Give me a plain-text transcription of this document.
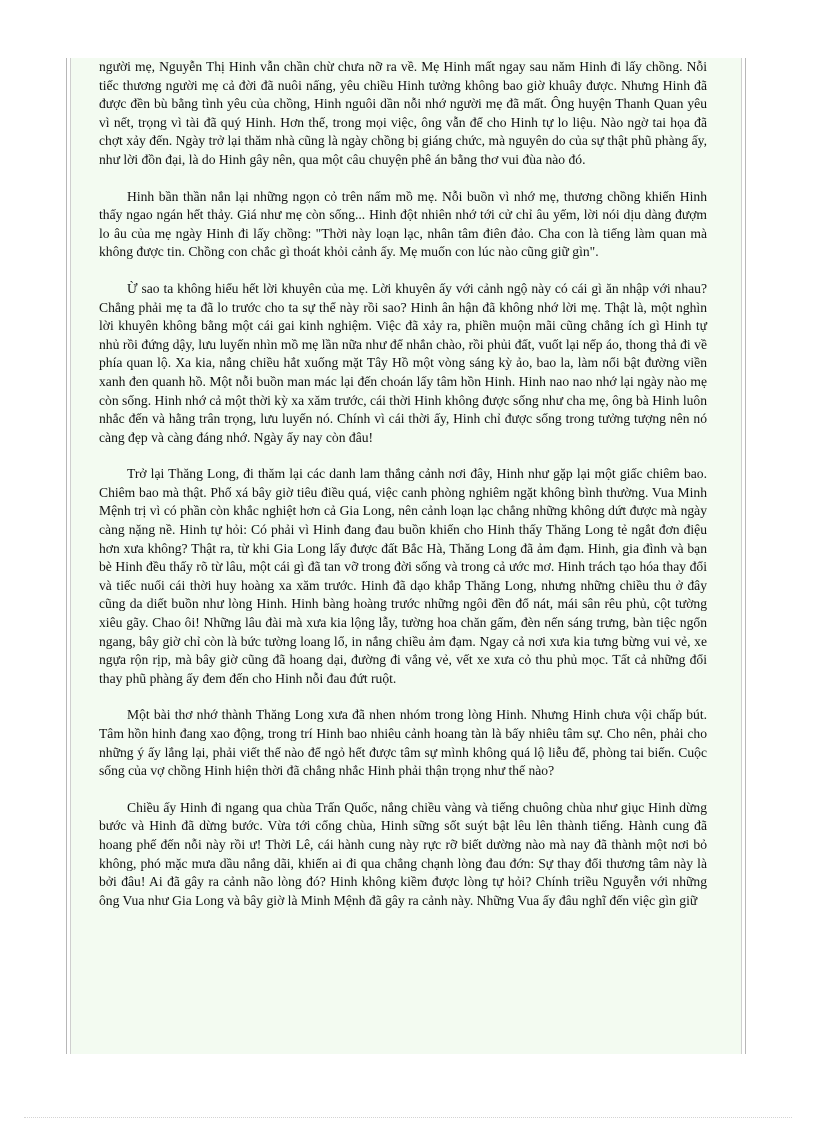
người mẹ, Nguyễn Thị Hinh vẫn chần chừ chưa nỡ ra về. Mẹ Hinh mất ngay sau năm Hinh đi lấy chồng. Nỗi tiếc thương người mẹ cả đời đã nuôi nấng, yêu chiều Hinh tưởng không bao giờ khuây được. Nhưng Hinh đã được đền bù bằng tình yêu của chồng, Hinh nguôi dần nỗi nhớ người mẹ đã mất. Ông huyện Thanh Quan yêu vì nết, trọng vì tài đã quý Hinh. Hơn thế, trong mọi việc, ông vẫn để cho Hinh tự lo liệu. Nào ngờ tai họa đã chợt xảy đến. Ngày trở lại thăm nhà cũng là ngày chồng bị giáng chức, mà nguyên do của sự thật phũ phàng ấy, như lời đồn đại, là do Hinh gây nên, qua một câu chuyện phê án bằng thơ vui đùa nào đó.

Hinh bần thần nắn lại những ngọn cỏ trên nấm mồ mẹ. Nỗi buồn vì nhớ mẹ, thương chồng khiến Hinh thấy ngao ngán hết thảy. Giá như mẹ còn sống... Hinh đột nhiên nhớ tới cử chỉ âu yếm, lời nói dịu dàng đượm lo âu của mẹ ngày Hinh đi lấy chồng: "Thời này loạn lạc, nhân tâm điên đảo. Cha con là tiếng làm quan mà không được tin. Chồng con chắc gì thoát khỏi cảnh ấy. Mẹ muốn con lúc nào cũng giữ gìn".

Ừ sao ta không hiểu hết lời khuyên của mẹ. Lời khuyên ấy với cảnh ngộ này có cái gì ăn nhập với nhau? Chẳng phải mẹ ta đã lo trước cho ta sự thể này rồi sao? Hinh ân hận đã không nhớ lời mẹ. Thật là, một nghìn lời khuyên không bằng một cái gai kinh nghiệm. Việc đã xảy ra, phiền muộn mãi cũng chẳng ích gì Hinh tự nhủ rồi đứng dậy, lưu luyến nhìn mồ mẹ lần nữa như để nhắn chào, rồi phủi đất, vuốt lại nếp áo, thong thả đi về phía quan lộ. Xa kia, nắng chiều hắt xuống mặt Tây Hồ một vòng sáng kỳ ảo, bao la, làm nổi bật đường viền xanh đen quanh hồ. Một nỗi buồn man mác lại đến choán lấy tâm hồn Hinh. Hinh nao nao nhớ lại ngày nào mẹ còn sống. Hinh nhớ cả một thời kỳ xa xăm trước, cái thời Hinh không được sống như cha mẹ, ông bà Hinh luôn nhắc đến và hằng trân trọng, lưu luyến nó. Chính vì cái thời ấy, Hinh chỉ được sống trong tưởng tượng nên nó càng đẹp và càng đáng nhớ. Ngày ấy nay còn đâu!

Trở lại Thăng Long, đi thăm lại các danh lam thắng cảnh nơi đây, Hinh như gặp lại một giấc chiêm bao. Chiêm bao mà thật. Phố xá bây giờ tiêu điều quá, việc canh phòng nghiêm ngặt không bình thường. Vua Minh Mệnh trị vì có phần còn khắc nghiệt hơn cả Gia Long, nên cảnh loạn lạc chẳng những không dứt được mà ngày càng nặng nề. Hinh tự hỏi: Có phải vì Hinh đang đau buồn khiến cho Hinh thấy Thăng Long tẻ ngắt đơn điệu hơn xưa không? Thật ra, từ khi Gia Long lấy được đất Bắc Hà, Thăng Long đã ảm đạm. Hinh, gia đình và bạn bè Hinh đều thấy rõ từ lâu, một cái gì đã tan vỡ trong đời sống và trong cả ước mơ. Hinh trách tạo hóa thay đổi và tiếc nuối cái thời huy hoàng xa xăm trước. Hinh đã dạo khắp Thăng Long, nhưng những chiều thu ở đây cũng da diết buồn như lòng Hinh. Hinh bàng hoàng trước những ngôi đền đổ nát, mái sân rêu phủ, cột tường xiêu gãy. Chao ôi! Những lâu đài mà xưa kia lộng lẫy, tường hoa chăn gấm, đèn nến sáng trưng, bàn tiệc ngổn ngang, bây giờ chỉ còn là bức tường loang lổ, in nắng chiều ảm đạm. Ngay cả nơi xưa kia tưng bừng vui vẻ, xe ngựa rộn rịp, mà bây giờ cũng đã hoang dại, đường đi vắng vẻ, vết xe xưa cỏ thu phủ mọc. Tất cả những đổi thay phũ phàng ấy đem đến cho Hinh nỗi đau đứt ruột.

Một bài thơ nhớ thành Thăng Long xưa đã nhen nhóm trong lòng Hinh. Nhưng Hinh chưa vội chấp bút. Tâm hồn hinh đang xao động, trong trí Hinh bao nhiêu cảnh hoang tàn là bấy nhiêu tâm sự. Cho nên, phải cho những ý ấy lắng lại, phải viết thế nào để ngỏ hết được tâm sự mình không quá lộ liễu để, phòng tai biến. Cuộc sống của vợ chồng Hinh hiện thời đã chẳng nhắc Hinh phải thận trọng như thế nào?

Chiều ấy Hinh đi ngang qua chùa Trấn Quốc, nắng chiều vàng và tiếng chuông chùa như giục Hinh dừng bước và Hinh đã dừng bước. Vừa tới cổng chùa, Hinh sững sốt suýt bật lêu lên thành tiếng. Hành cung đã hoang phế đến nỗi này rồi ư! Thời Lê, cái hành cung này rực rỡ biết dường nào mà nay đã thành một nơi bỏ không, phó mặc mưa dầu nắng dãi, khiến ai đi qua chẳng chạnh lòng đau đớn: Sự thay đổi thương tâm này là bởi đâu! Ai đã gây ra cảnh não lòng đó? Hinh không kiềm được lòng tự hỏi? Chính triều Nguyễn với những ông Vua như Gia Long và bây giờ là Minh Mệnh đã gây ra cảnh này. Những Vua ấy đâu nghĩ đến việc gìn giữ
